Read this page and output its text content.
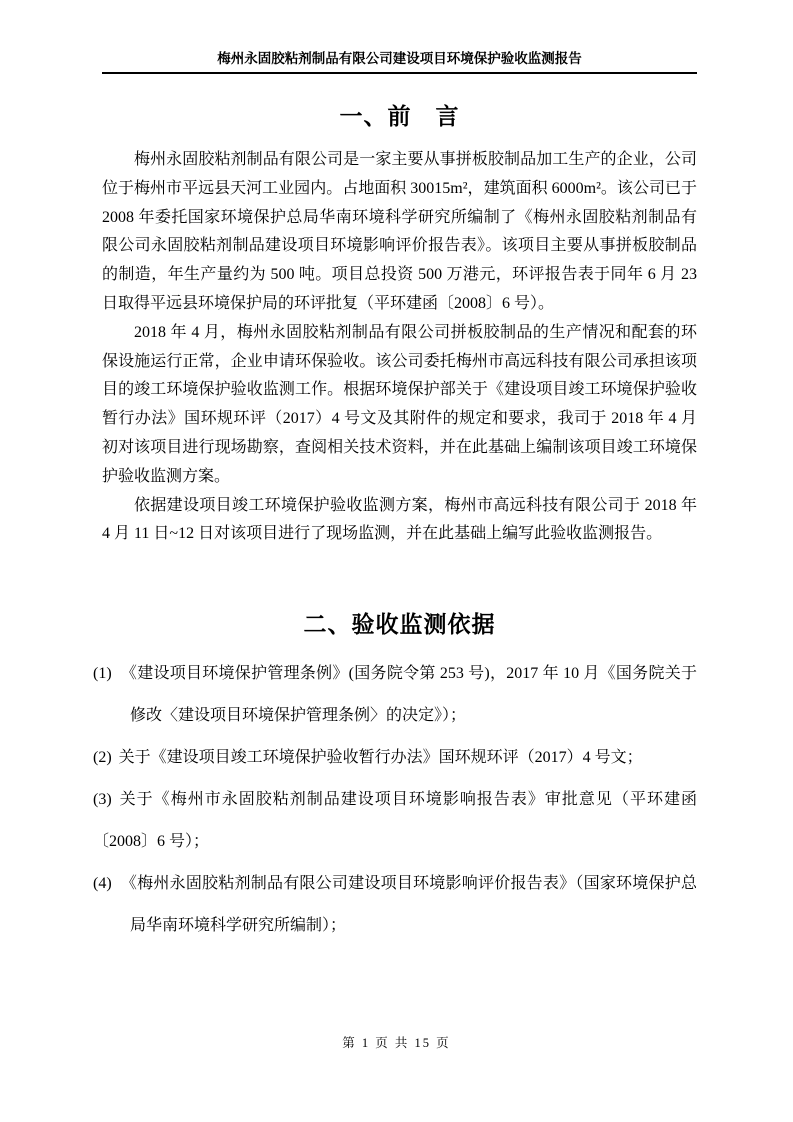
梅州永固胶粘剂制品有限公司建设项目环境保护验收监测报告
一、前　言

梅州永固胶粘剂制品有限公司是一家主要从事拼板胶制品加工生产的企业，公司位于梅州市平远县天河工业园内。占地面积 30015m²，建筑面积 6000m²。该公司已于 2008 年委托国家环境保护总局华南环境科学研究所编制了《梅州永固胶粘剂制品有限公司永固胶粘剂制品建设项目环境影响评价报告表》。该项目主要从事拼板胶制品的制造，年生产量约为 500 吨。项目总投资 500 万港元，环评报告表于同年 6 月 23 日取得平远县环境保护局的环评批复（平环建函〔2008〕6 号）。

2018 年 4 月，梅州永固胶粘剂制品有限公司拼板胶制品的生产情况和配套的环保设施运行正常，企业申请环保验收。该公司委托梅州市高远科技有限公司承担该项目的竣工环境保护验收监测工作。根据环境保护部关于《建设项目竣工环境保护验收暂行办法》国环规环评（2017）4 号文及其附件的规定和要求，我司于 2018 年 4 月初对该项目进行现场勘察，查阅相关技术资料，并在此基础上编制该项目竣工环境保护验收监测方案。

依据建设项目竣工环境保护验收监测方案，梅州市高远科技有限公司于 2018 年 4 月 11 日~12 日对该项目进行了现场监测，并在此基础上编写此验收监测报告。

二、验收监测依据
(1) 《建设项目环境保护管理条例》(国务院令第 253 号)，2017 年 10 月《国务院关于修改〈建设项目环境保护管理条例〉的决定》）；
(2) 关于《建设项目竣工环境保护验收暂行办法》国环规环评（2017）4 号文；
(3) 关于《梅州市永固胶粘剂制品建设项目环境影响报告表》审批意见（平环建函〔2008〕6 号）；
(4) 《梅州永固胶粘剂制品有限公司建设项目环境影响评价报告表》（国家环境保护总局华南环境科学研究所编制）；
第 1 页 共 15 页
